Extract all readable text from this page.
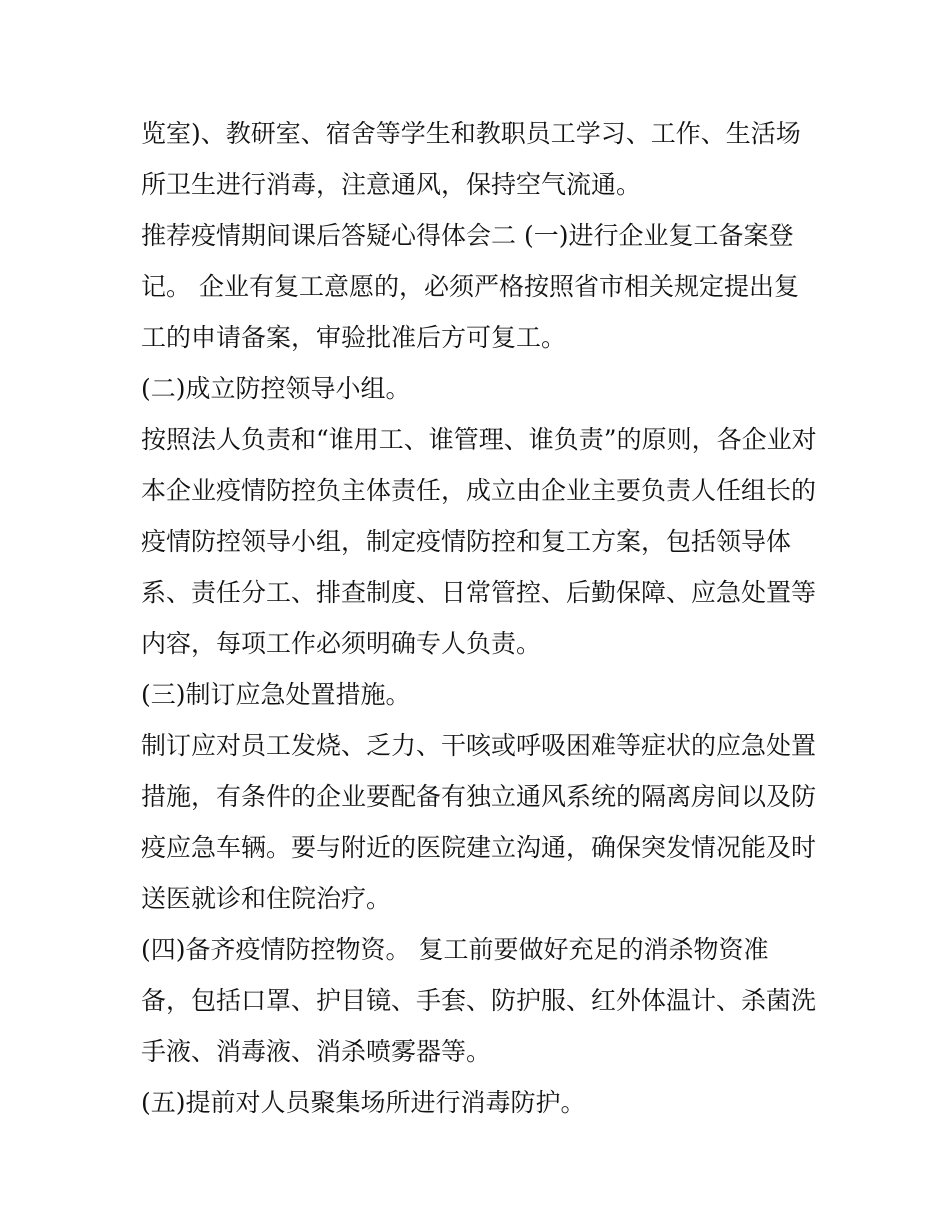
览室)、教研室、宿舍等学生和教职员工学习、工作、生活场
所卫生进行消毒，注意通风，保持空气流通。
推荐疫情期间课后答疑心得体会二 (一)进行企业复工备案登
记。 企业有复工意愿的，必须严格按照省市相关规定提出复
工的申请备案，审验批准后方可复工。
(二)成立防控领导小组。
按照法人负责和“谁用工、谁管理、谁负责”的原则，各企业对
本企业疫情防控负主体责任，成立由企业主要负责人任组长的
疫情防控领导小组，制定疫情防控和复工方案，包括领导体
系、责任分工、排查制度、日常管控、后勤保障、应急处置等
内容，每项工作必须明确专人负责。
(三)制订应急处置措施。
制订应对员工发烧、乏力、干咳或呼吸困难等症状的应急处置
措施，有条件的企业要配备有独立通风系统的隔离房间以及防
疫应急车辆。要与附近的医院建立沟通，确保突发情况能及时
送医就诊和住院治疗。
(四)备齐疫情防控物资。 复工前要做好充足的消杀物资准
备，包括口罩、护目镜、手套、防护服、红外体温计、杀菌洗
手液、消毒液、消杀喷雾器等。
(五)提前对人员聚集场所进行消毒防护。
